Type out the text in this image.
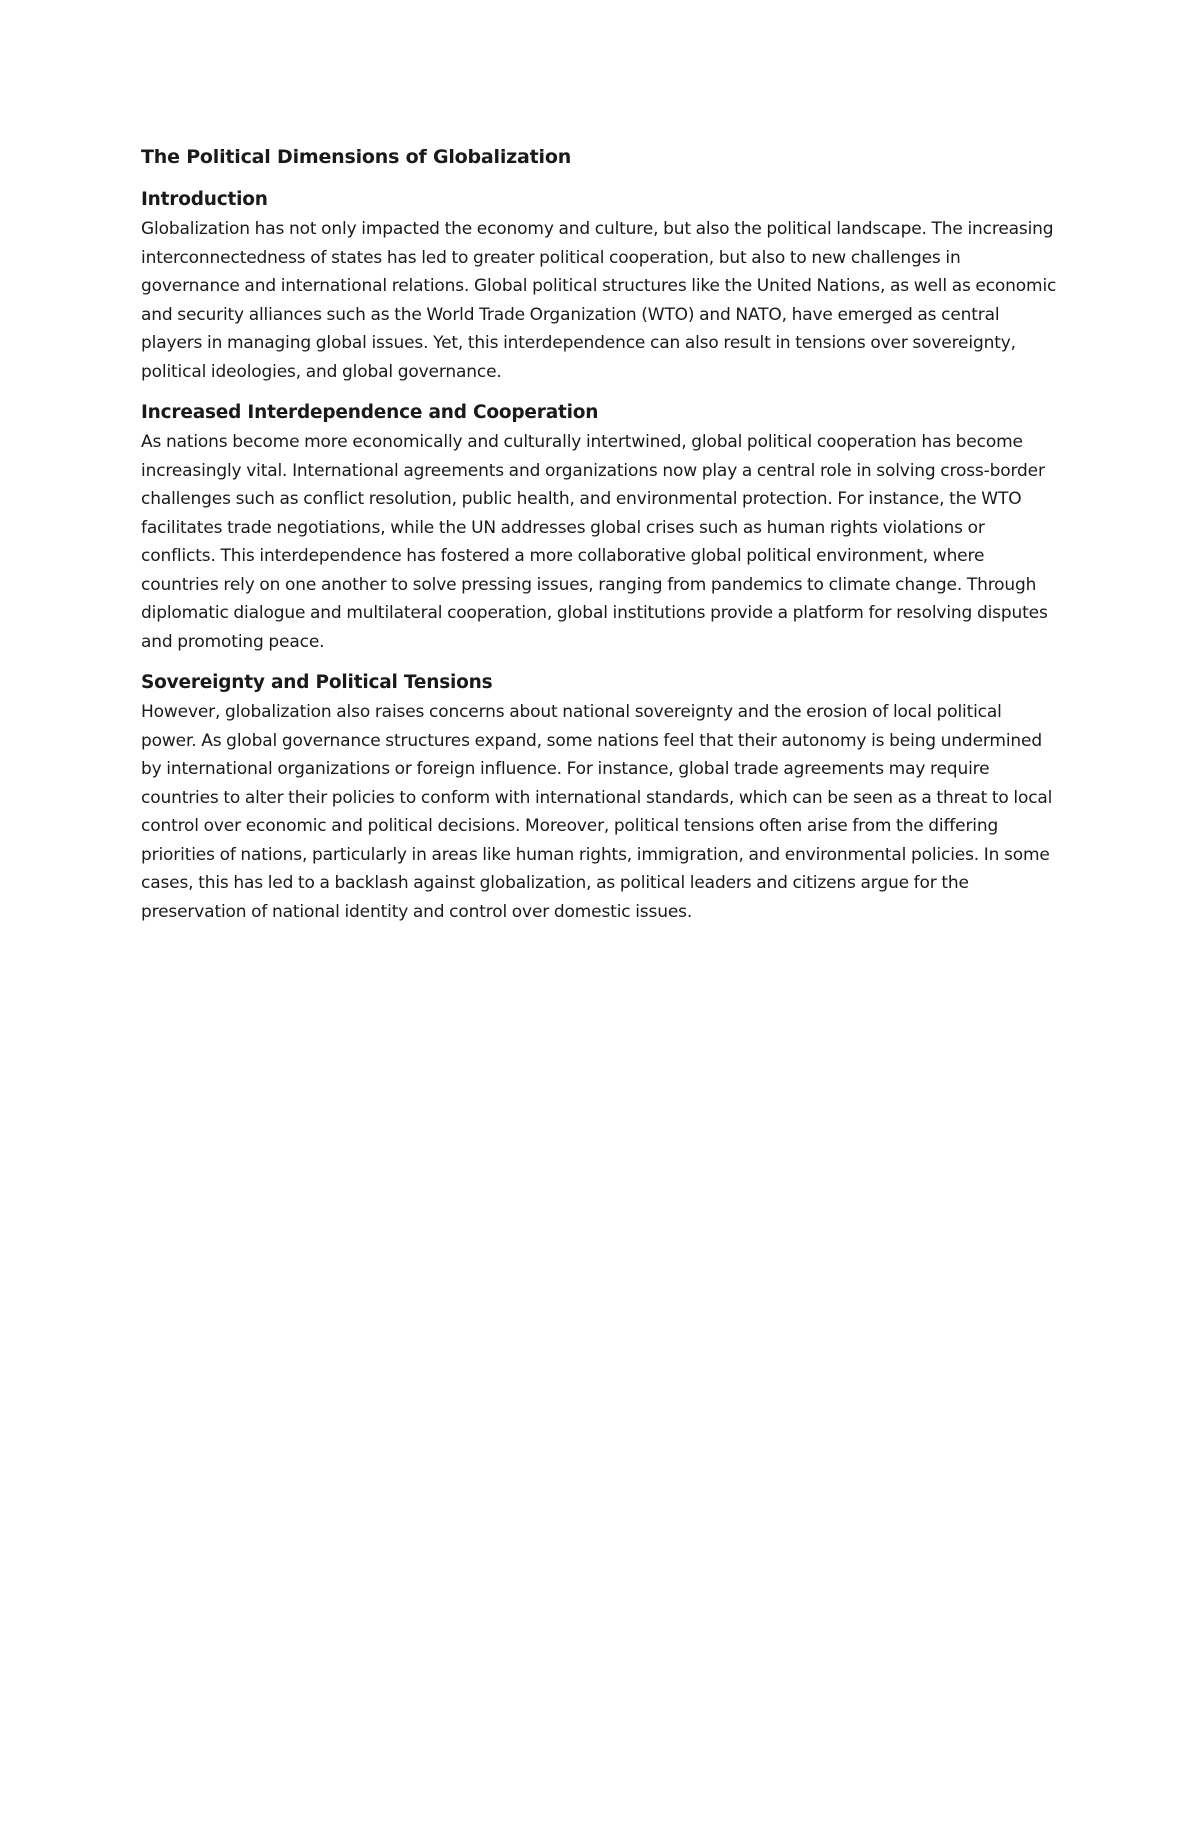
The Political Dimensions of Globalization
Introduction

Globalization has not only impacted the economy and culture, but also the political landscape. The increasing interconnectedness of states has led to greater political cooperation, but also to new challenges in governance and international relations. Global political structures like the United Nations, as well as economic and security alliances such as the World Trade Organization (WTO) and NATO, have emerged as central players in managing global issues. Yet, this interdependence can also result in tensions over sovereignty, political ideologies, and global governance.

Increased Interdependence and Cooperation

As nations become more economically and culturally intertwined, global political cooperation has become increasingly vital. International agreements and organizations now play a central role in solving cross-border challenges such as conflict resolution, public health, and environmental protection. For instance, the WTO facilitates trade negotiations, while the UN addresses global crises such as human rights violations or conflicts. This interdependence has fostered a more collaborative global political environment, where countries rely on one another to solve pressing issues, ranging from pandemics to climate change. Through diplomatic dialogue and multilateral cooperation, global institutions provide a platform for resolving disputes and promoting peace.

Sovereignty and Political Tensions

However, globalization also raises concerns about national sovereignty and the erosion of local political power. As global governance structures expand, some nations feel that their autonomy is being undermined by international organizations or foreign influence. For instance, global trade agreements may require countries to alter their policies to conform with international standards, which can be seen as a threat to local control over economic and political decisions. Moreover, political tensions often arise from the differing priorities of nations, particularly in areas like human rights, immigration, and environmental policies. In some cases, this has led to a backlash against globalization, as political leaders and citizens argue for the preservation of national identity and control over domestic issues.
